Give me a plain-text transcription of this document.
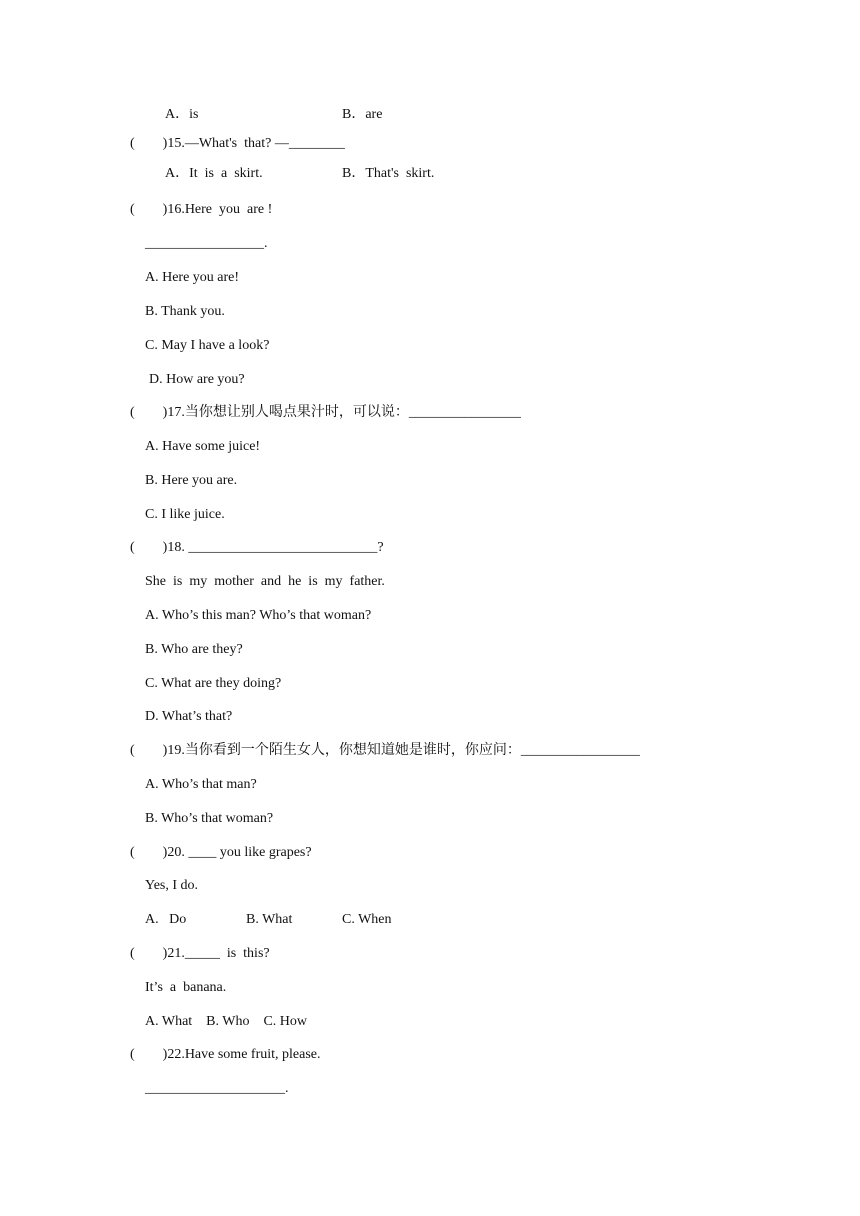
A．is	B．are
(        )15.—What's  that? —________
A．It  is  a  skirt.	B．That's  skirt.
(        )16.Here  you  are !
_________________.
A. Here you are!
B. Thank you.
C. May I have a look?
D. How are you?
(        )17.当你想让别人喝点果汁时，可以说：________________
A. Have some juice!
B. Here you are.
C. I like juice.
(        )18. ___________________________?
She  is  my  mother  and  he  is  my  father.
A. Who’s this man? Who’s that woman?
B. Who are they?
C. What are they doing?
D. What’s that?
(        )19.当你看到一个陌生女人，你想知道她是谁时，你应问：_________________
A. Who’s that man?
B. Who’s that woman?
(        )20. ____ you like grapes?
Yes, I do.
A.   Do	B. What	C. When
(        )21._____  is  this?
It’s  a  banana.
A. What    B. Who    C. How
(        )22.Have some fruit, please.
____________________.
